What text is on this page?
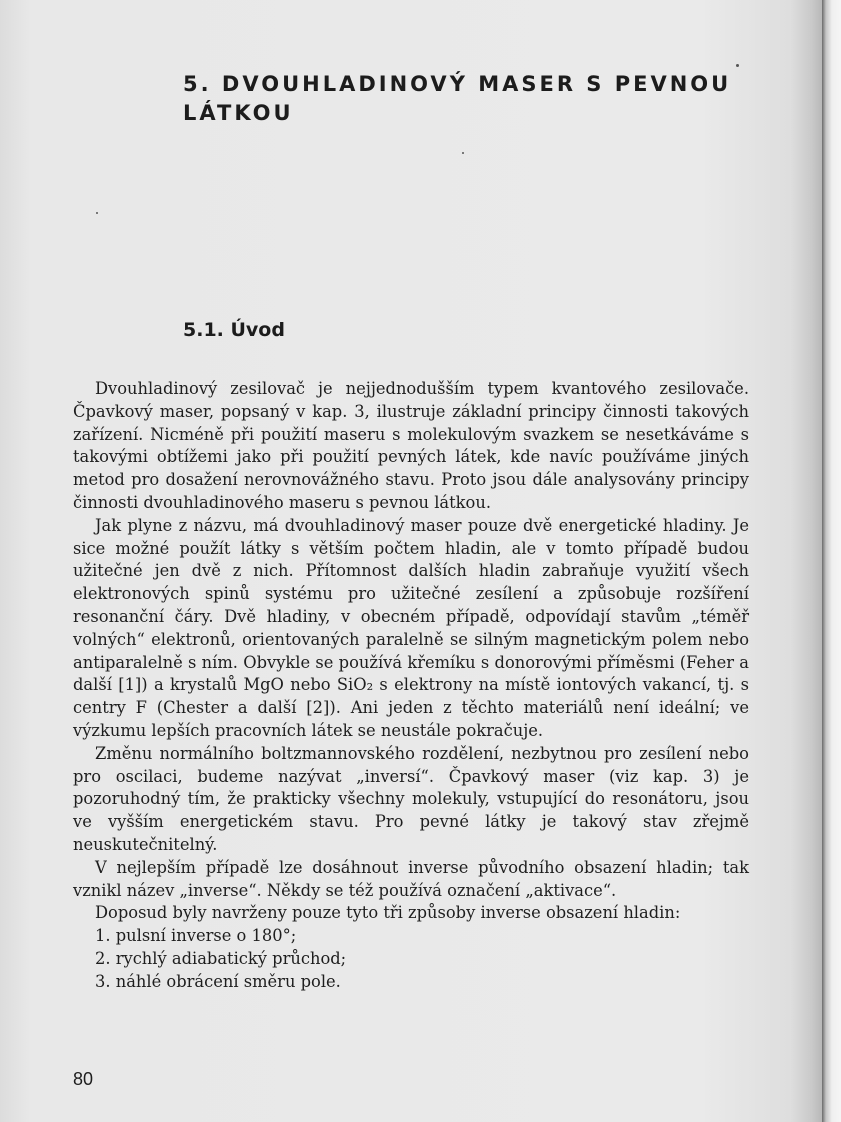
5. DVOUHLADINOVÝ MASER S PEVNOU
LÁTKOU
5.1. Úvod

Dvouhladinový zesilovač je nejjednodušším typem kvantového zesilovače. Čpavkový maser, popsaný v kap. 3, ilustruje základní principy činnosti takových zařízení. Nicméně při použití maseru s molekulovým svazkem se nesetkáváme s takovými obtížemi jako při použití pevných látek, kde navíc používáme jiných metod pro dosažení nerovnovážného stavu. Proto jsou dále analysovány principy činnosti dvouhladinového maseru s pevnou látkou.

Jak plyne z názvu, má dvouhladinový maser pouze dvě energetické hladiny. Je sice možné použít látky s větším počtem hladin, ale v tomto případě budou užitečné jen dvě z nich. Přítomnost dalších hladin zabraňuje využití všech elektronových spinů systému pro užitečné zesílení a způsobuje rozšíření resonanční čáry. Dvě hladiny, v obecném případě, odpovídají stavům „téměř volných“ elektronů, orientovaných paralelně se silným magnetickým polem nebo antiparalelně s ním. Obvykle se používá křemíku s donorovými příměsmi (Feher a další [1]) a krystalů MgO nebo SiO₂ s elektrony na místě iontových vakancí, tj. s centry F (Chester a další [2]). Ani jeden z těchto materiálů není ideální; ve výzkumu lepších pracovních látek se neustále pokračuje.

Změnu normálního boltzmannovského rozdělení, nezbytnou pro zesílení nebo pro oscilaci, budeme nazývat „inversí“. Čpavkový maser (viz kap. 3) je pozoruhodný tím, že prakticky všechny molekuly, vstupující do resonátoru, jsou ve vyšším energetickém stavu. Pro pevné látky je takový stav zřejmě neuskutečnitelný.

V nejlepším případě lze dosáhnout inverse původního obsazení hladin; tak vznikl název „inverse“. Někdy se též používá označení „aktivace“.

Doposud byly navrženy pouze tyto tři způsoby inverse obsazení hladin:

1. pulsní inverse o 180°;
2. rychlý adiabatický průchod;
3. náhlé obrácení směru pole.
80
